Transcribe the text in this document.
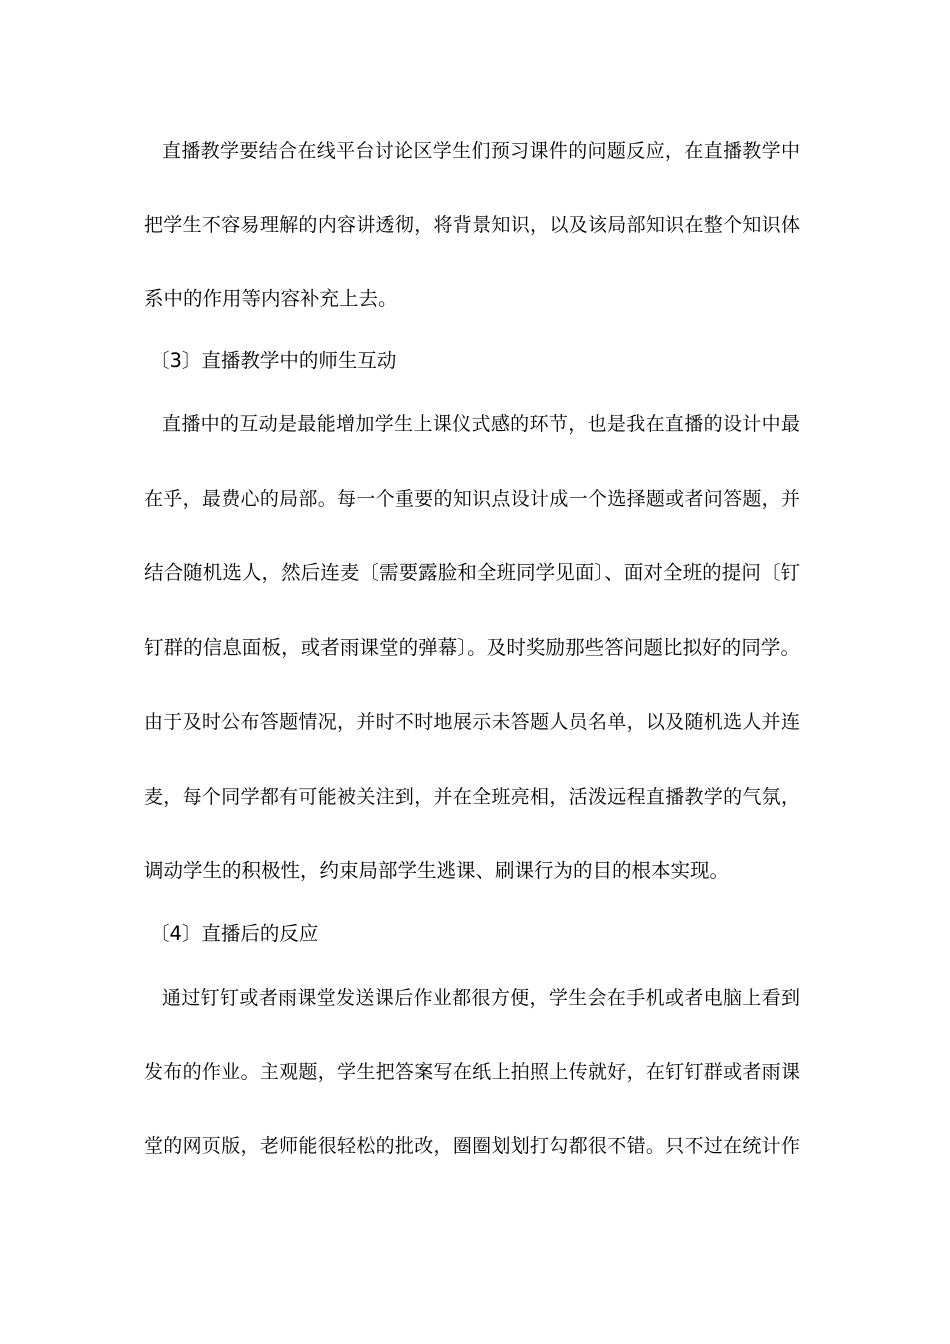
直播教学要结合在线平台讨论区学生们预习课件的问题反应，在直播教学中
把学生不容易理解的内容讲透彻，将背景知识，以及该局部知识在整个知识体
系中的作用等内容补充上去。
〔3〕直播教学中的师生互动
直播中的互动是最能增加学生上课仪式感的环节，也是我在直播的设计中最
在乎，最费心的局部。每一个重要的知识点设计成一个选择题或者问答题，并
结合随机选人，然后连麦〔需要露脸和全班同学见面〕、面对全班的提问〔钉
钉群的信息面板，或者雨课堂的弹幕〕。及时奖励那些答问题比拟好的同学。
由于及时公布答题情况，并时不时地展示未答题人员名单，以及随机选人并连
麦，每个同学都有可能被关注到，并在全班亮相，活泼远程直播教学的气氛，
调动学生的积极性，约束局部学生逃课、刷课行为的目的根本实现。
〔4〕直播后的反应
通过钉钉或者雨课堂发送课后作业都很方便，学生会在手机或者电脑上看到
发布的作业。主观题，学生把答案写在纸上拍照上传就好，在钉钉群或者雨课
堂的网页版，老师能很轻松的批改，圈圈划划打勾都很不错。只不过在统计作
